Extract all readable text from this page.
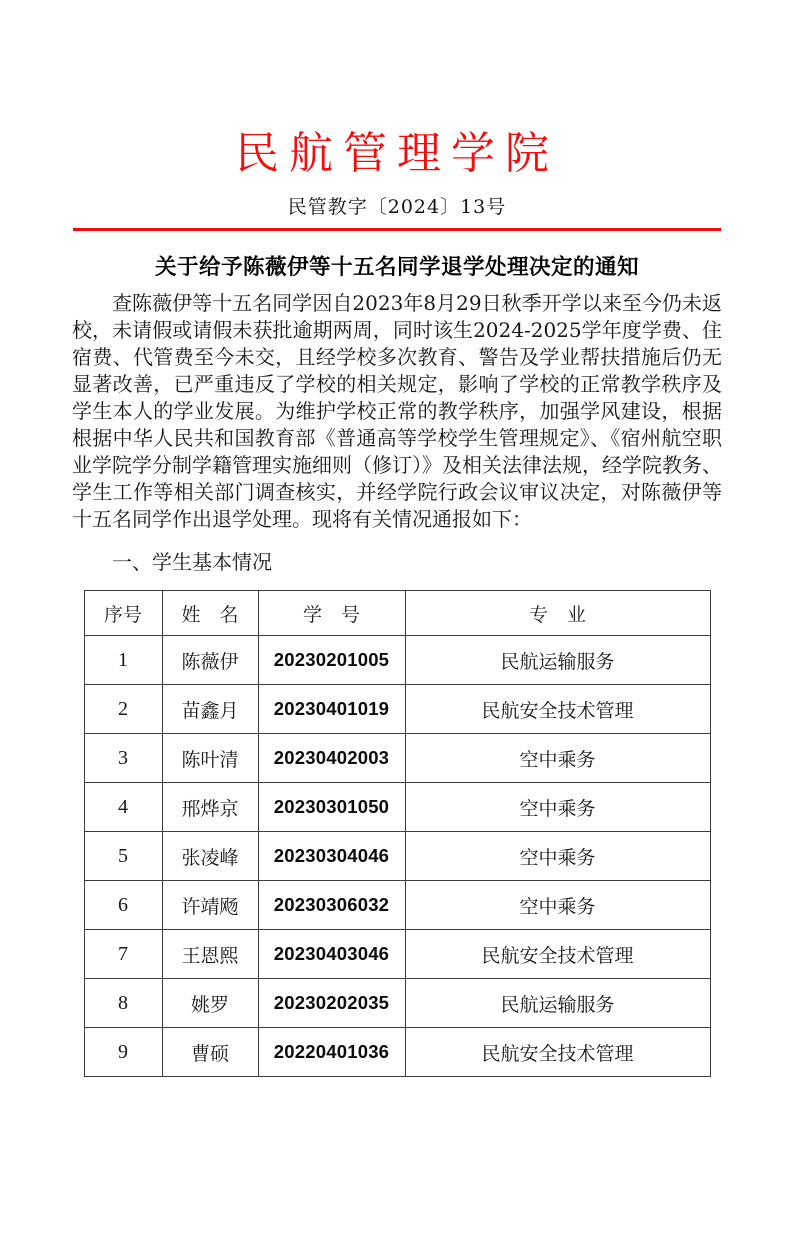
民航管理学院
民管教字〔2024〕13号
关于给予陈薇伊等十五名同学退学处理决定的通知

查陈薇伊等十五名同学因自2023年8月29日秋季开学以来至今仍未返校，未请假或请假未获批逾期两周，同时该生2024-2025学年度学费、住宿费、代管费至今未交，且经学校多次教育、警告及学业帮扶措施后仍无显著改善，已严重违反了学校的相关规定，影响了学校的正常教学秩序及学生本人的学业发展。为维护学校正常的教学秩序，加强学风建设，根据根据中华人民共和国教育部《普通高等学校学生管理规定》、《宿州航空职业学院学分制学籍管理实施细则（修订）》及相关法律法规，经学院教务、学生工作等相关部门调查核实，并经学院行政会议审议决定，对陈薇伊等十五名同学作出退学处理。现将有关情况通报如下：

一、学生基本情况
序号	姓　名	学　号	专　业
1	陈薇伊	20230201005	民航运输服务
2	苗鑫月	20230401019	民航安全技术管理
3	陈叶清	20230402003	空中乘务
4	邢烨京	20230301050	空中乘务
5	张凌峰	20230304046	空中乘务
6	许靖飏	20230306032	空中乘务
7	王恩熙	20230403046	民航安全技术管理
8	姚罗	20230202035	民航运输服务
9	曹硕	20220401036	民航安全技术管理
